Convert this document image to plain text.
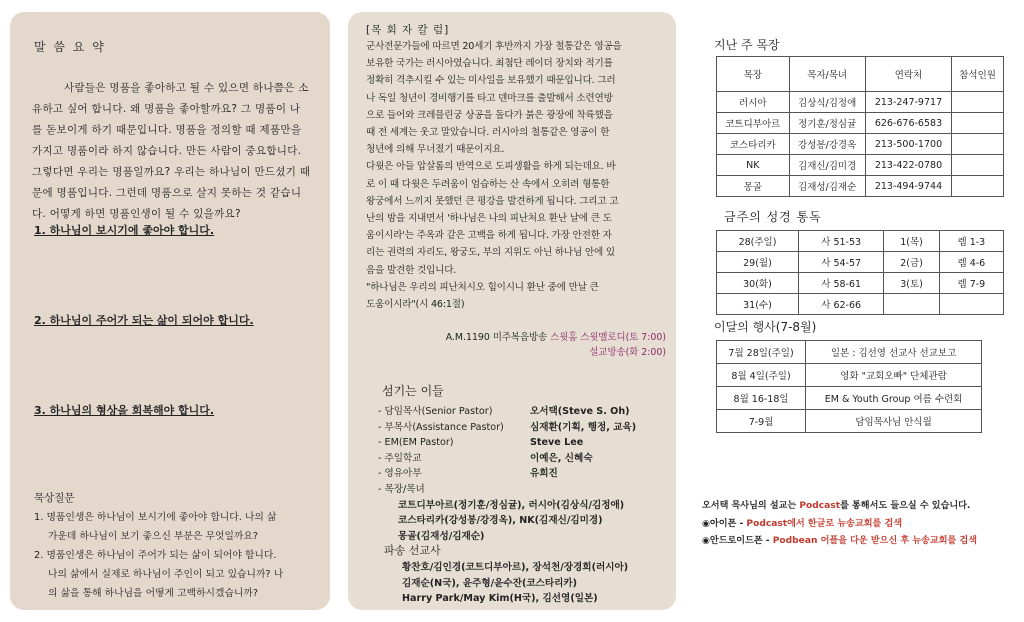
말 씀 요 약
사람들은 명품을 좋아하고 될 수 있으면 하나쯤은 소
유하고 싶어 합니다. 왜 명품을 좋아할까요? 그 명품이 나
를 돋보이게 하기 때문입니다. 명품을 정의할 때 제품만을
가지고 명품이라 하지 않습니다. 만든 사람이 중요합니다.
그렇다면 우리는 명품일까요? 우리는 하나님이 만드셨기 때
문에 명품입니다. 그런데 명품으로 살지 못하는 것 같습니
다. 어떻게 하면 명품인생이 될 수 있을까요?
1. 하나님이 보시기에 좋아야 합니다.
2. 하나님이 주어가 되는 삶이 되어야 합니다.
3. 하나님의 형상을 회복해야 합니다.
묵상질문
1. 명품인생은 하나님이 보시기에 좋아야 합니다. 나의 삶
가운데 하나님이 보기 좋으신 부분은 무엇일까요?
2. 명품인생은 하나님이 주어가 되는 삶이 되어야 합니다.
나의 삶에서 실제로 하나님이 주인이 되고 있습니까? 나
의 삶을 통해 하나님을 어떻게 고백하시겠습니까?
[목 회 자 칼 럼]
군사전문가들에 따르면 20세기 후반까지 가장 철통같은 영공을
보유한 국가는 러시아였습니다. 최첨단 레이더 장치와 적기를
정확히 격추시킬 수 있는 미사일을 보유했기 때문입니다. 그러
나 독일 청년이 경비행기를 타고 덴마크를 출발해서 소련연방
으로 들어와 크레믈린궁 상공을 돌다가 붉은 광장에 착륙했을
때 전 세계는 웃고 말았습니다. 러시아의 철통같은 영공이 한
청년에 의해 무너졌기 때문이지요.
다윗은 아들 압살롬의 반역으로 도피생활을 하게 되는데요. 바
로 이 때 다윗은 두려움이 엄습하는 산 속에서 오히려 형통한
왕궁에서 느끼지 못했던 큰 평강을 발견하게 됩니다. 그리고 고
난의 밤을 지내면서 '하나님은 나의 피난처요 환난 날에 큰 도
움이시라'는 주옥과 같은 고백을 하게 됩니다. 가장 안전한 자
리는 권력의 자리도, 왕궁도, 부의 지위도 아닌 하나님 안에 있
음을 발견한 것입니다.
"하나님은 우리의 피난처시오 힘이시니 환난 중에 만날 큰
도움이시라"(시 46:1절)
A.M.1190 미주복음방송 스윗홈 스윗멜로디(토 7:00)
설교방송(화 2:00)
섬기는 이들
- 담임목사(Senior Pastor)	오서택(Steve S. Oh)
- 부목사(Assistance Pastor)	심재환(기획, 행정, 교육)
- EM(EM Pastor)	Steve Lee
- 주일학교	이예은, 신혜숙
- 영유아부	유희진
- 목장/목녀
코트디부아르(정기훈/정심귤), 러시아(김상식/김정애)
코스타리카(강성봉/강경옥), NK(김재신/김미경)
몽골(김재성/김재순)
파송 선교사
황찬호/김인경(코트디부아르), 장석천/장경희(러시아)
김재순(N국), 윤주형/윤수잔(코스타리카)
Harry Park/May Kim(H국), 김선영(일본)
지난 주 목장
목장	목자/목녀	연락처	참석인원
러시아	김상식/김정애	213-247-9717	
코트디부아르	정기훈/정심귤	626-676-6583	
코스타리카	강성봉/강경옥	213-500-1700	
NK	김재신/김미경	213-422-0780	
몽골	김재성/김재순	213-494-9744	
금주의 성경 통독
28(주일)	사 51-53	1(목)	렘 1-3
29(월)	사 54-57	2(금)	렘 4-6
30(화)	사 58-61	3(토)	렘 7-9
31(수)	사 62-66		
이달의 행사(7-8월)
7월 28일(주일)	일본 : 김선영 선교사 선교보고
8월 4일(주일)	영화 "교회오빠" 단체관람
8월 16-18일	EM & Youth Group 여름 수련회
7-9월	담임목사님 안식월
오서택 목사님의 설교는 Podcast를 통해서도 들으실 수 있습니다.
◉아이폰 - Podcast에서 한글로 뉴송교회를 검색
◉안드로이드폰 - Podbean 어플을 다운 받으신 후 뉴송교회를 검색
